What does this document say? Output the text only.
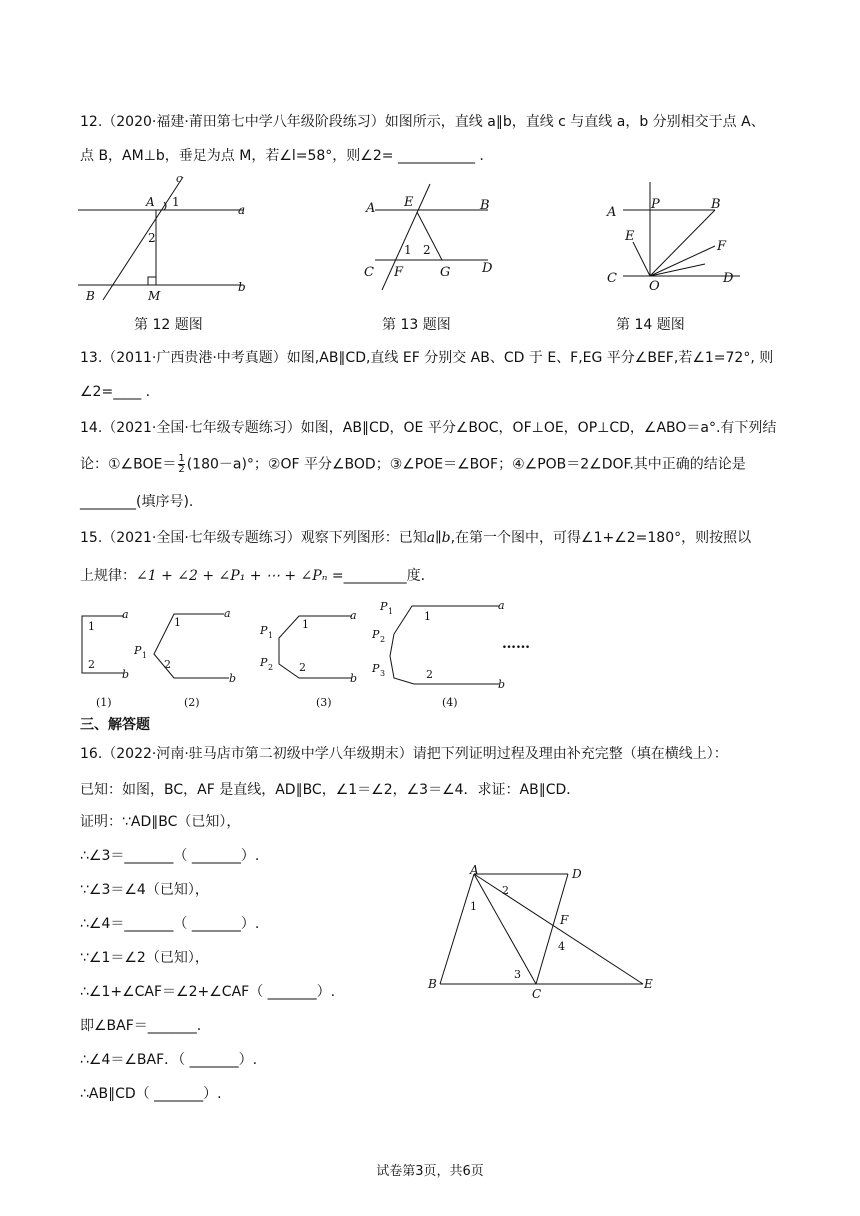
12.（2020·福建·莆田第七中学八年级阶段练习）如图所示，直线 a∥b，直线 c 与直线 a，b 分别相交于点 A、
点 B，AM⊥b，垂足为点 M，若∠l=58°，则∠2= ___________ .
c
A 1
2
a
b
B	M
A E	B
C F	G D
1 2
A
P	B
E
F
C
O
D
第 12 题图	第 13 题图	第 14 题图
13.（2011·广西贵港·中考真题）如图,AB∥CD,直线 EF 分别交 AB、CD 于 E、F,EG 平分∠BEF,若∠1=72°, 则
∠2=____ .
14.（2021·全国·七年级专题练习）如图，AB∥CD，OE 平分∠BOC，OF⊥OE，OP⊥CD，∠ABO＝a°.有下列结
论：①∠BOE＝ $\frac{1}{2} (180-a)^\circ$；②OF 平分∠BOD；③∠POE＝∠BOF；④∠POB＝2∠DOF.其中正确的结论是
________(填序号).
15.（2021·全国·七年级专题练习）观察下列图形：已知a∥b,在第一个图中，可得∠1+∠2=180°，则按照以
上规律：∠1 + ∠2 + ∠P₁ + ⋯ + ∠Pₙ =_________度.
1
2
a
b
(1)
1
2
P 1
a
b
(2)
1
2
P 1
P 2
a
b
(3)
1
2
P 1
P 2
P 3
a
b
(4)
……
三、解答题
16.（2022·河南·驻马店市第二初级中学八年级期末）请把下列证明过程及理由补充完整（填在横线上）：
已知：如图，BC，AF 是直线，AD∥BC，∠1＝∠2，∠3＝∠4．求证：AB∥CD．
证明：∵AD∥BC（已知），
∴∠3＝_______（ _______）.
∵∠3＝∠4（已知），
∴∠4＝_______（ _______）.
∵∠1＝∠2（已知），
∴∠1+∠CAF＝∠2+∠CAF（ _______）.
即∠BAF＝_______.
∴∠4＝∠BAF．（ _______）.
∴AB∥CD（ _______）.
A	D
B
C
E
F
2
1
3
4
试卷第3页，共6页
